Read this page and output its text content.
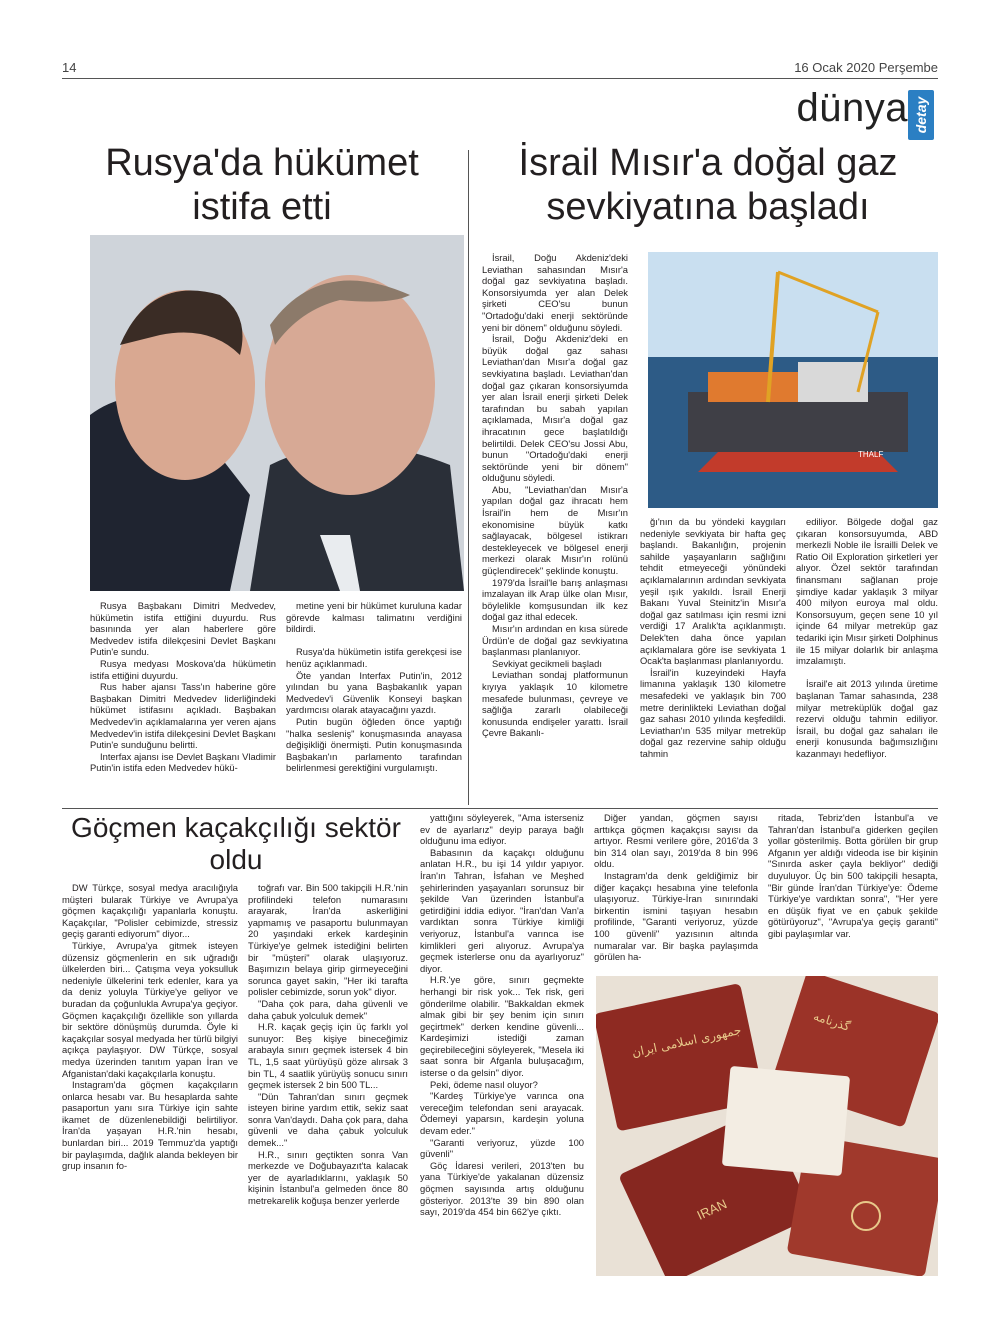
14	16 Ocak 2020 Perşembe
dünya detay
Rusya'da hükümet istifa etti

Rusya Başbakanı Dimitri Medvedev, hükümetin istifa ettiğini duyurdu. Rus basınında yer alan haberlere göre Medvedev istifa dilekçesini Devlet Başkanı Putin'e sundu.

Rusya medyası Moskova'da hükümetin istifa ettiğini duyurdu.

Rus haber ajansı Tass'ın haberine göre Başbakan Dimitri Medvedev liderliğindeki hükümet istifasını açıkladı. Başbakan Medvedev'in açıklamalarına yer veren ajans Medvedev'in istifa dilekçesini Devlet Başkanı Putin'e sunduğunu belirtti.

Interfax ajansı ise Devlet Başkanı Vladimir Putin'in istifa eden Medvedev hükü-

metine yeni bir hükümet kuruluna kadar görevde kalması talimatını verdiğini bildirdi.

Rusya'da hükümetin istifa gerekçesi ise henüz açıklanmadı.

Öte yandan Interfax Putin'in, 2012 yılından bu yana Başbakanlık yapan Medvedev'i Güvenlik Konseyi başkan yardımcısı olarak atayacağını yazdı.

Putin bugün öğleden önce yaptığı "halka sesleniş" konuşmasında anayasa değişikliği önermişti. Putin konuşmasında Başbakan'ın parlamento tarafından belirlenmesi gerektiğini vurgulamıştı.

İsrail Mısır'a doğal gaz sevkiyatına başladı

İsrail, Doğu Akdeniz'deki Leviathan sahasından Mısır'a doğal gaz sevkiyatına başladı. Konsorsiyumda yer alan Delek şirketi CEO'su bunun "Ortadoğu'daki enerji sektöründe yeni bir dönem" olduğunu söyledi.

İsrail, Doğu Akdeniz'deki en büyük doğal gaz sahası Leviathan'dan Mısır'a doğal gaz sevkiyatına başladı. Leviathan'dan doğal gaz çıkaran konsorsiyumda yer alan İsrail enerji şirketi Delek tarafından bu sabah yapılan açıklamada, Mısır'a doğal gaz ihracatının gece başlatıldığı belirtildi. Delek CEO'su Jossi Abu, bunun "Ortadoğu'daki enerji sektöründe yeni bir dönem" olduğunu söyledi.

Abu, "Leviathan'dan Mısır'a yapılan doğal gaz ihracatı hem İsrail'in hem de Mısır'ın ekonomisine büyük katkı sağlayacak, bölgesel istikrarı destekleyecek ve bölgesel enerji merkezi olarak Mısır'ın rolünü güçlendirecek" şeklinde konuştu.

1979'da İsrail'le barış anlaşması imzalayan ilk Arap ülke olan Mısır, böylelikle komşusundan ilk kez doğal gaz ithal edecek.

Mısır'ın ardından en kısa sürede Ürdün'e de doğal gaz sevkiyatına başlanması planlanıyor.

Sevkiyat gecikmeli başladı

Leviathan sondaj platformunun kıyıya yaklaşık 10 kilometre mesafede bulunması, çevreye ve sağlığa zararlı olabileceği konusunda endişeler yarattı. İsrail Çevre Bakanlı-

THALF

ğı'nın da bu yöndeki kaygıları nedeniyle sevkiyata bir hafta geç başlandı. Bakanlığın, projenin sahilde yaşayanların sağlığını tehdit etmeyeceği yönündeki açıklamalarının ardından sevkiyata yeşil ışık yakıldı. İsrail Enerji Bakanı Yuval Steinitz'in Mısır'a doğal gaz satılması için resmi izni verdiği 17 Aralık'ta açıklanmıştı. Delek'ten daha önce yapılan açıklamalara göre ise sevkiyata 1 Ocak'ta başlanması planlanıyordu.

İsrail'in kuzeyindeki Hayfa limanına yaklaşık 130 kilometre mesafedeki ve yaklaşık bin 700 metre derinlikteki Leviathan doğal gaz sahası 2010 yılında keşfedildi. Leviathan'ın 535 milyar metreküp doğal gaz rezervine sahip olduğu tahmin

ediliyor. Bölgede doğal gaz çıkaran konsorsuyumda, ABD merkezli Noble ile İsrailli Delek ve Ratio Oil Exploration şirketleri yer alıyor. Özel sektör tarafından finansmanı sağlanan proje şimdiye kadar yaklaşık 3 milyar 400 milyon euroya mal oldu. Konsorsuyum, geçen sene 10 yıl içinde 64 milyar metreküp gaz tedariki için Mısır şirketi Dolphinus ile 15 milyar dolarlık bir anlaşma imzalamıştı.

İsrail'e ait 2013 yılında üretime başlanan Tamar sahasında, 238 milyar metreküplük doğal gaz rezervi olduğu tahmin ediliyor. İsrail, bu doğal gaz sahaları ile enerji konusunda bağımsızlığını kazanmayı hedefliyor.

Göçmen kaçakçılığı sektör oldu

DW Türkçe, sosyal medya aracılığıyla müşteri bularak Türkiye ve Avrupa'ya göçmen kaçakçılığı yapanlarla konuştu. Kaçakçılar, "Polisler cebimizde, stressiz geçiş garanti ediyorum" diyor...

Türkiye, Avrupa'ya gitmek isteyen düzensiz göçmenlerin en sık uğradığı ülkelerden biri... Çatışma veya yoksulluk nedeniyle ülkelerini terk edenler, kara ya da deniz yoluyla Türkiye'ye geliyor ve buradan da çoğunlukla Avrupa'ya geçiyor. Göçmen kaçakçılığı özellikle son yıllarda bir sektöre dönüşmüş durumda. Öyle ki kaçakçılar sosyal medyada her türlü bilgiyi açıkça paylaşıyor. DW Türkçe, sosyal medya üzerinden tanıtım yapan İran ve Afganistan'daki kaçakçılarla konuştu.

Instagram'da göçmen kaçakçıların onlarca hesabı var. Bu hesaplarda sahte pasaportun yanı sıra Türkiye için sahte ikamet de düzenlenebildiği belirtiliyor. İran'da yaşayan H.R.'nin hesabı, bunlardan biri... 2019 Temmuz'da yaptığı bir paylaşımda, dağlık alanda bekleyen bir grup insanın fo-

toğrafı var. Bin 500 takipçili H.R.'nin profilindeki telefon numarasını arayarak, İran'da askerliğini yapmamış ve pasaportu bulunmayan 20 yaşındaki erkek kardeşinin Türkiye'ye gelmek istediğini belirten bir "müşteri" olarak ulaşıyoruz. Başımızın belaya girip girmeyeceğini sorunca gayet sakin, "Her iki tarafta polisler cebimizde, sorun yok" diyor.

"Daha çok para, daha güvenli ve daha çabuk yolculuk demek"

H.R. kaçak geçiş için üç farklı yol sunuyor: Beş kişiye bineceğimiz arabayla sınırı geçmek istersek 4 bin TL, 1,5 saat yürüyüşü göze alırsak 3 bin TL, 4 saatlik yürüyüş sonucu sınırı geçmek istersek 2 bin 500 TL...

"Dün Tahran'dan sınırı geçmek isteyen birine yardım ettik, sekiz saat sonra Van'daydı. Daha çok para, daha güvenli ve daha çabuk yolculuk demek..."

H.R., sınırı geçtikten sonra Van merkezde ve Doğubayazıt'ta kalacak yer de ayarladıklarını, yaklaşık 50 kişinin İstanbul'a gelmeden önce 80 metrekarelik koğuşa benzer yerlerde

yattığını söyleyerek, "Ama isterseniz ev de ayarlarız" deyip paraya bağlı olduğunu ima ediyor.

Babasının da kaçakçı olduğunu anlatan H.R., bu işi 14 yıldır yapıyor. İran'ın Tahran, İsfahan ve Meşhed şehirlerinden yaşayanları sorunsuz bir şekilde Van üzerinden İstanbul'a getirdiğini iddia ediyor. "İran'dan Van'a vardıktan sonra Türkiye kimliği veriyoruz, İstanbul'a varınca ise kimlikleri geri alıyoruz. Avrupa'ya geçmek isterlerse onu da ayarlıyoruz" diyor.

H.R.'ye göre, sınırı geçmekte herhangi bir risk yok... Tek risk, geri gönderilme olabilir. "Bakkaldan ekmek almak gibi bir şey benim için sınırı geçirtmek" derken kendine güvenli... Kardeşimizi istediği zaman geçirebileceğini söyleyerek, "Mesela iki saat sonra bir Afganla buluşacağım, isterse o da gelsin" diyor.

Peki, ödeme nasıl oluyor?

"Kardeş Türkiye'ye varınca ona vereceğim telefondan seni arayacak. Ödemeyi yaparsın, kardeşin yoluna devam eder."

"Garanti veriyoruz, yüzde 100 güvenli"

Göç İdaresi verileri, 2013'ten bu yana Türkiye'de yakalanan düzensiz göçmen sayısında artış olduğunu gösteriyor. 2013'te 39 bin 890 olan sayı, 2019'da 454 bin 662'ye çıktı.

Diğer yandan, göçmen sayısı arttıkça göçmen kaçakçısı sayısı da artıyor. Resmi verilere göre, 2016'da 3 bin 314 olan sayı, 2019'da 8 bin 996 oldu.

Instagram'da denk geldiğimiz bir diğer kaçakçı hesabına yine telefonla ulaşıyoruz. Türkiye-İran sınırındaki birkentin ismini taşıyan hesabın profilinde, "Garanti veriyoruz, yüzde 100 güvenli" yazısının altında numaralar var. Bir başka paylaşımda görülen ha-

ritada, Tebriz'den İstanbul'a ve Tahran'dan İstanbul'a giderken geçilen yollar gösterilmiş. Botta görülen bir grup Afganın yer aldığı videoda ise bir kişinin "Sınırda asker çayla bekliyor" dediği duyuluyor. Üç bin 500 takipçili hesapta, "Bir günde İran'dan Türkiye'ye: Ödeme Türkiye'ye vardıktan sonra", "Her yere en düşük fiyat ve en çabuk şekilde götürüyoruz", "Avrupa'ya geçiş garanti" gibi paylaşımlar var.

جمهوری اسلامی ایران
گذرنامه
IRAN
